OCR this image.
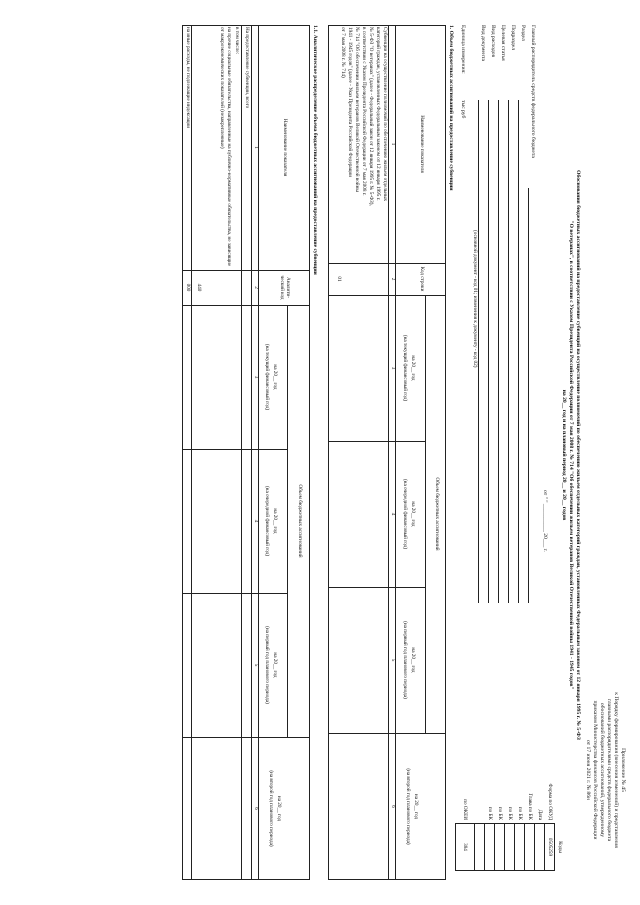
Приложение № 45
к Порядку формирования (внесения изменений) и представления
главными распорядителями средств федерального бюджета
обоснований бюджетных ассигнований, утвержденному
приказом Министерства финансов Российской Федерации
от 17 июня 2021 г. № 86н
Обоснования бюджетных ассигнований на предоставление субвенций на осуществление полномочий по обеспечению жильем отдельных категорий граждан, установленных Федеральным законом от 12 января 1995 г. № 5-ФЗ
"О ветеранах", в соответствии с Указом Президента Российской Федерации от 7 мая 2008 г. № 714 "Об обеспечении жильем ветеранов Великой Отечественной войны 1941 - 1945 годов"
на 20__ год и на плановый период 20__ и 20__ годов
Коды
0505259
384
Форма по ОКУД
Дата
Глава по БК
по БК
по БК
по БК
по БК
по ОКЕИ
от " " __________ 20___ г.
Главный распорядитель средств федерального бюджета
Раздел
Подраздел
Целевая статья
Вид расходов
Вид документа
(основной документ - код 01; изменения к документу - код 02)
Единица измерения:
тыс руб
1. Объем бюджетных ассигнований на предоставление субвенции
Наименование показателя
Код строки
Объем бюджетных ассигнований
на 20__ год
(на текущий финансовый год)
на 20__ год
(на очередной финансовый год)
на 20__ год
(на первый год планового периода)
на 20__ год
(на второй год планового периода)
1
2
3
4
5
6
Субвенции на осуществление полномочий по обеспечению жильем отдельных
категорий граждан, установленных Федеральным законом от 12 января 1995 г.
№ 5-ФЗ "О ветеранах" (далее - Федеральный закон от 12 января 1995 г. № 5-ФЗ),
в соответствии с Указом Президента Российской Федерации от 7 мая 2008 г.
№ 714 "Об обеспечении жильем ветеранов Великой Отечественной войны
1941 - 1945 годов" (далее - Указ Президента Российской Федерации
от 7 мая 2008 г. № 714)
01
1.1. Аналитическое распределение объема бюджетных ассигнований на предоставление субвенции
Наименование показателя
Аналити- ческий код
Объем бюджетных ассигнований
на 20__ год
(на текущий финансовый год)
на 20__ год
(на очередной финансовый год)
на 20__ год
(на первый год планового периода)
на 20__ год
(на второй год планового периода)
1
2
3
4
5
6
На предоставление субвенции, всего
в том числе:
на прочие социальные обязательства, направленные на публично-нормативные обязательства, не зависящие от макроэкономических показателей (незакрепленные)
440
на иные расходы, не подлежащие индексации
000
